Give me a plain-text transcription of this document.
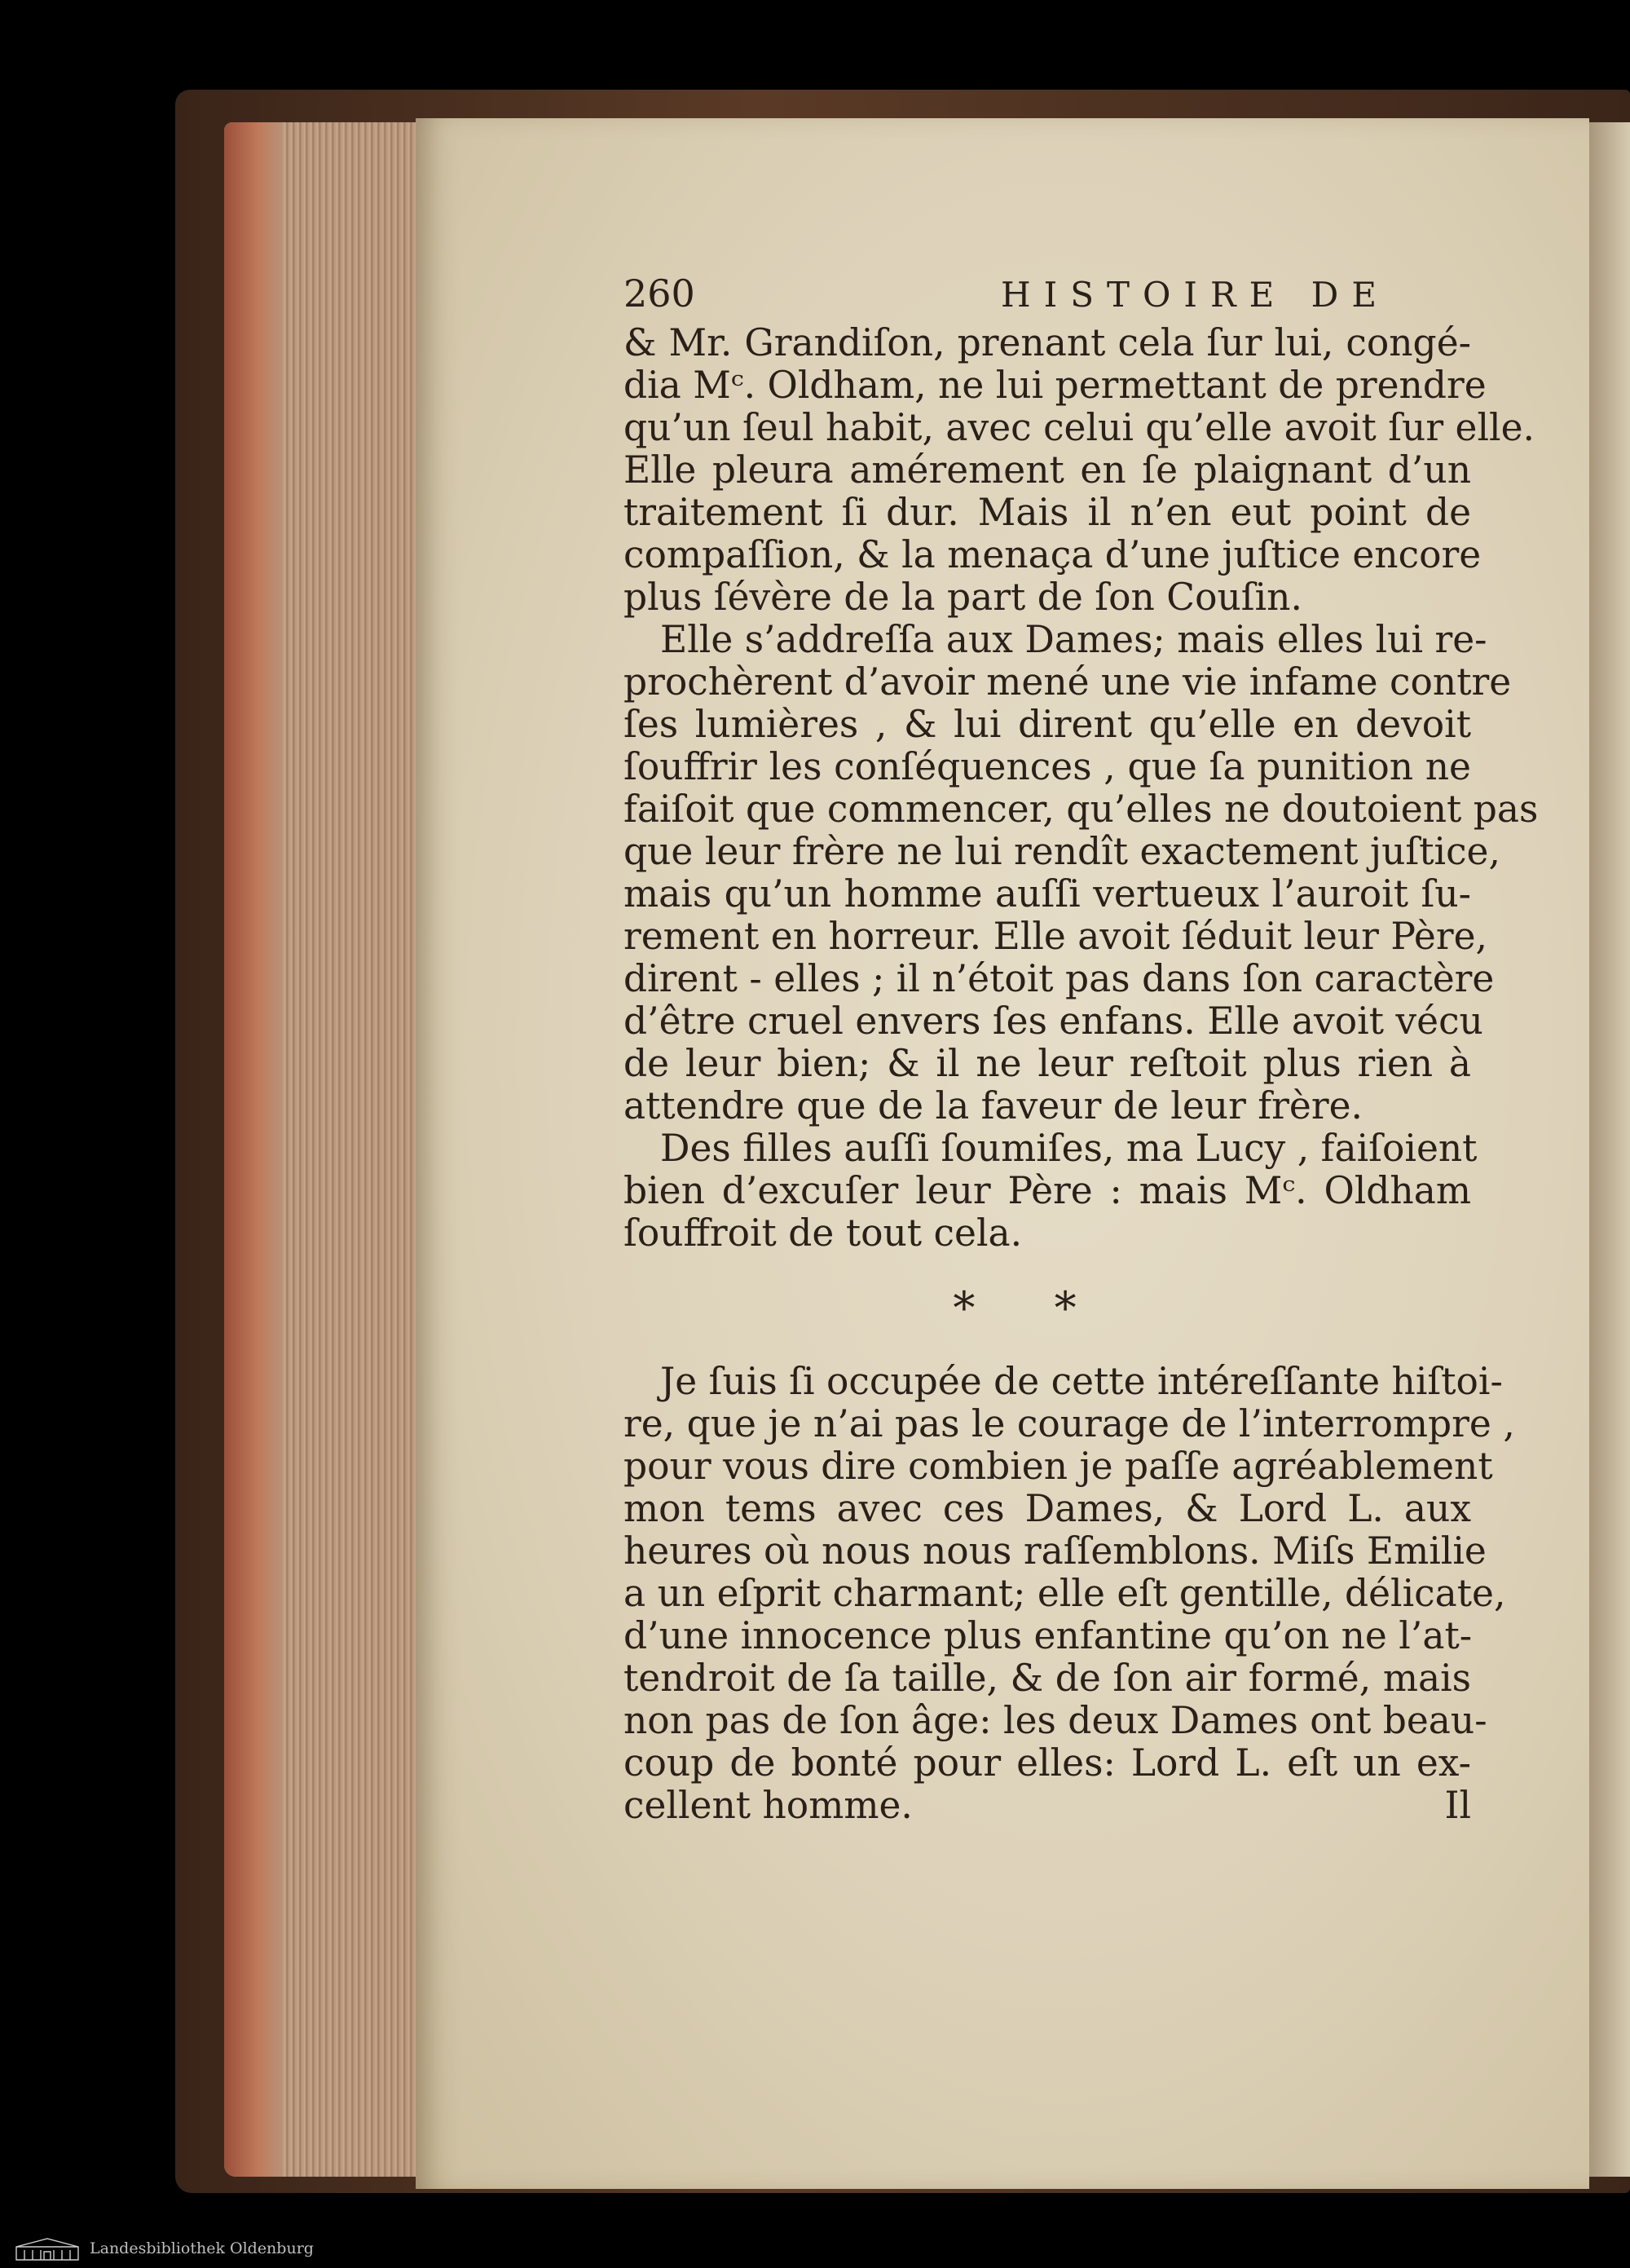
260	HISTOIRE DE
& Mr. Grandiſon, prenant cela ſur lui, congé-
dia Mᶜ. Oldham, ne lui permettant de prendre
qu’un ſeul habit, avec celui qu’elle avoit ſur elle.
Elle pleura amérement en ſe plaignant d’un
traitement ſi dur. Mais il n’en eut point de
compaſſion, & la menaça d’une juſtice encore
plus ſévère de la part de ſon Couſin.
Elle s’addreſſa aux Dames; mais elles lui re-
prochèrent d’avoir mené une vie infame contre
ſes lumières , & lui dirent qu’elle en devoit
ſouffrir les conſéquences , que ſa punition ne
faiſoit que commencer, qu’elles ne doutoient pas
que leur frère ne lui rendît exactement juſtice,
mais qu’un homme auſſi vertueux l’auroit ſu-
rement en horreur. Elle avoit ſéduit leur Père,
dirent - elles ; il n’étoit pas dans ſon caractère
d’être cruel envers ſes enfans. Elle avoit vécu
de leur bien; & il ne leur reſtoit plus rien à
attendre que de la faveur de leur frère.
Des filles auſſi ſoumiſes, ma Lucy , faiſoient
bien d’excuſer leur Père : mais Mᶜ. Oldham
ſouffroit de tout cela.
* *
Je ſuis ſi occupée de cette intéreſſante hiſtoi-
re, que je n’ai pas le courage de l’interrompre ,
pour vous dire combien je paſſe agréablement
mon tems avec ces Dames, & Lord L. aux
heures où nous nous raſſemblons. Miſs Emilie
a un eſprit charmant; elle eſt gentille, délicate,
d’une innocence plus enfantine qu’on ne l’at-
tendroit de ſa taille, & de ſon air formé, mais
non pas de ſon âge: les deux Dames ont beau-
coup de bonté pour elles: Lord L. eſt un ex-
cellent homme.	Il
Landesbibliothek Oldenburg
